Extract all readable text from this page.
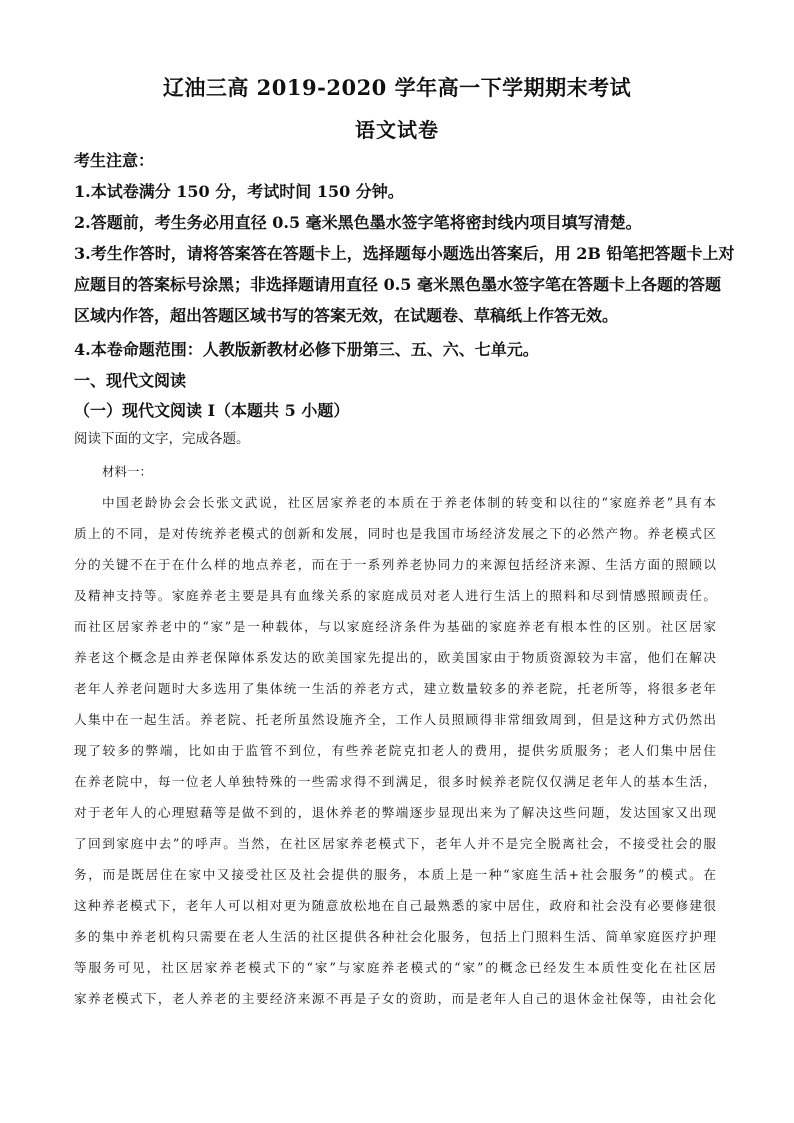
辽油三高 2019-2020 学年高一下学期期末考试
语文试卷
考生注意：
1.本试卷满分 150 分，考试时间 150 分钟。
2.答题前，考生务必用直径 0.5 毫米黑色墨水签字笔将密封线内项目填写清楚。
3.考生作答时，请将答案答在答题卡上，选择题每小题选出答案后，用 2B 铅笔把答题卡上对
应题目的答案标号涂黑；非选择题请用直径 0.5 毫米黑色墨水签字笔在答题卡上各题的答题
区域内作答，超出答题区域书写的答案无效，在试题卷、草稿纸上作答无效。
4.本卷命题范围：人教版新教材必修下册第三、五、六、七单元。
一、现代文阅读
（一）现代文阅读 I（本题共 5 小题）
阅读下面的文字，完成各题。
材料一：
中国老龄协会会长张文武说，社区居家养老的本质在于养老体制的转变和以往的“家庭养老”具有本
质上的不同，是对传统养老模式的创新和发展，同时也是我国市场经济发展之下的必然产物。养老模式区
分的关键不在于在什么样的地点养老，而在于一系列养老协同力的来源包括经济来源、生活方面的照顾以
及精神支持等。家庭养老主要是具有血缘关系的家庭成员对老人进行生活上的照料和尽到情感照顾责任。
而社区居家养老中的“家”是一种载体，与以家庭经济条件为基础的家庭养老有根本性的区别。社区居家
养老这个概念是由养老保障体系发达的欧美国家先提出的，欧美国家由于物质资源较为丰富，他们在解决
老年人养老问题时大多选用了集体统一生活的养老方式，建立数量较多的养老院，托老所等，将很多老年
人集中在一起生活。养老院、托老所虽然设施齐全，工作人员照顾得非常细致周到，但是这种方式仍然出
现了较多的弊端，比如由于监管不到位，有些养老院克扣老人的费用，提供劣质服务；老人们集中居住
在养老院中，每一位老人单独特殊的一些需求得不到满足，很多时候养老院仅仅满足老年人的基本生活，
对于老年人的心理慰藉等是做不到的，退休养老的弊端逐步显现出来为了解决这些问题，发达国家又出现
了回到家庭中去”的呼声。当然，在社区居家养老模式下，老年人并不是完全脱离社会，不接受社会的服
务，而是既居住在家中又接受社区及社会提供的服务，本质上是一种“家庭生活+社会服务”的模式。在
这种养老模式下，老年人可以相对更为随意放松地在自己最熟悉的家中居住，政府和社会没有必要修建很
多的集中养老机构只需要在老人生活的社区提供各种社会化服务，包括上门照料生活、简单家庭医疗护理
等服务可见，社区居家养老模式下的“家”与家庭养老模式的“家”的概念已经发生本质性变化在社区居
家养老模式下，老人养老的主要经济来源不再是子女的资助，而是老年人自己的退休金社保等，由社会化
